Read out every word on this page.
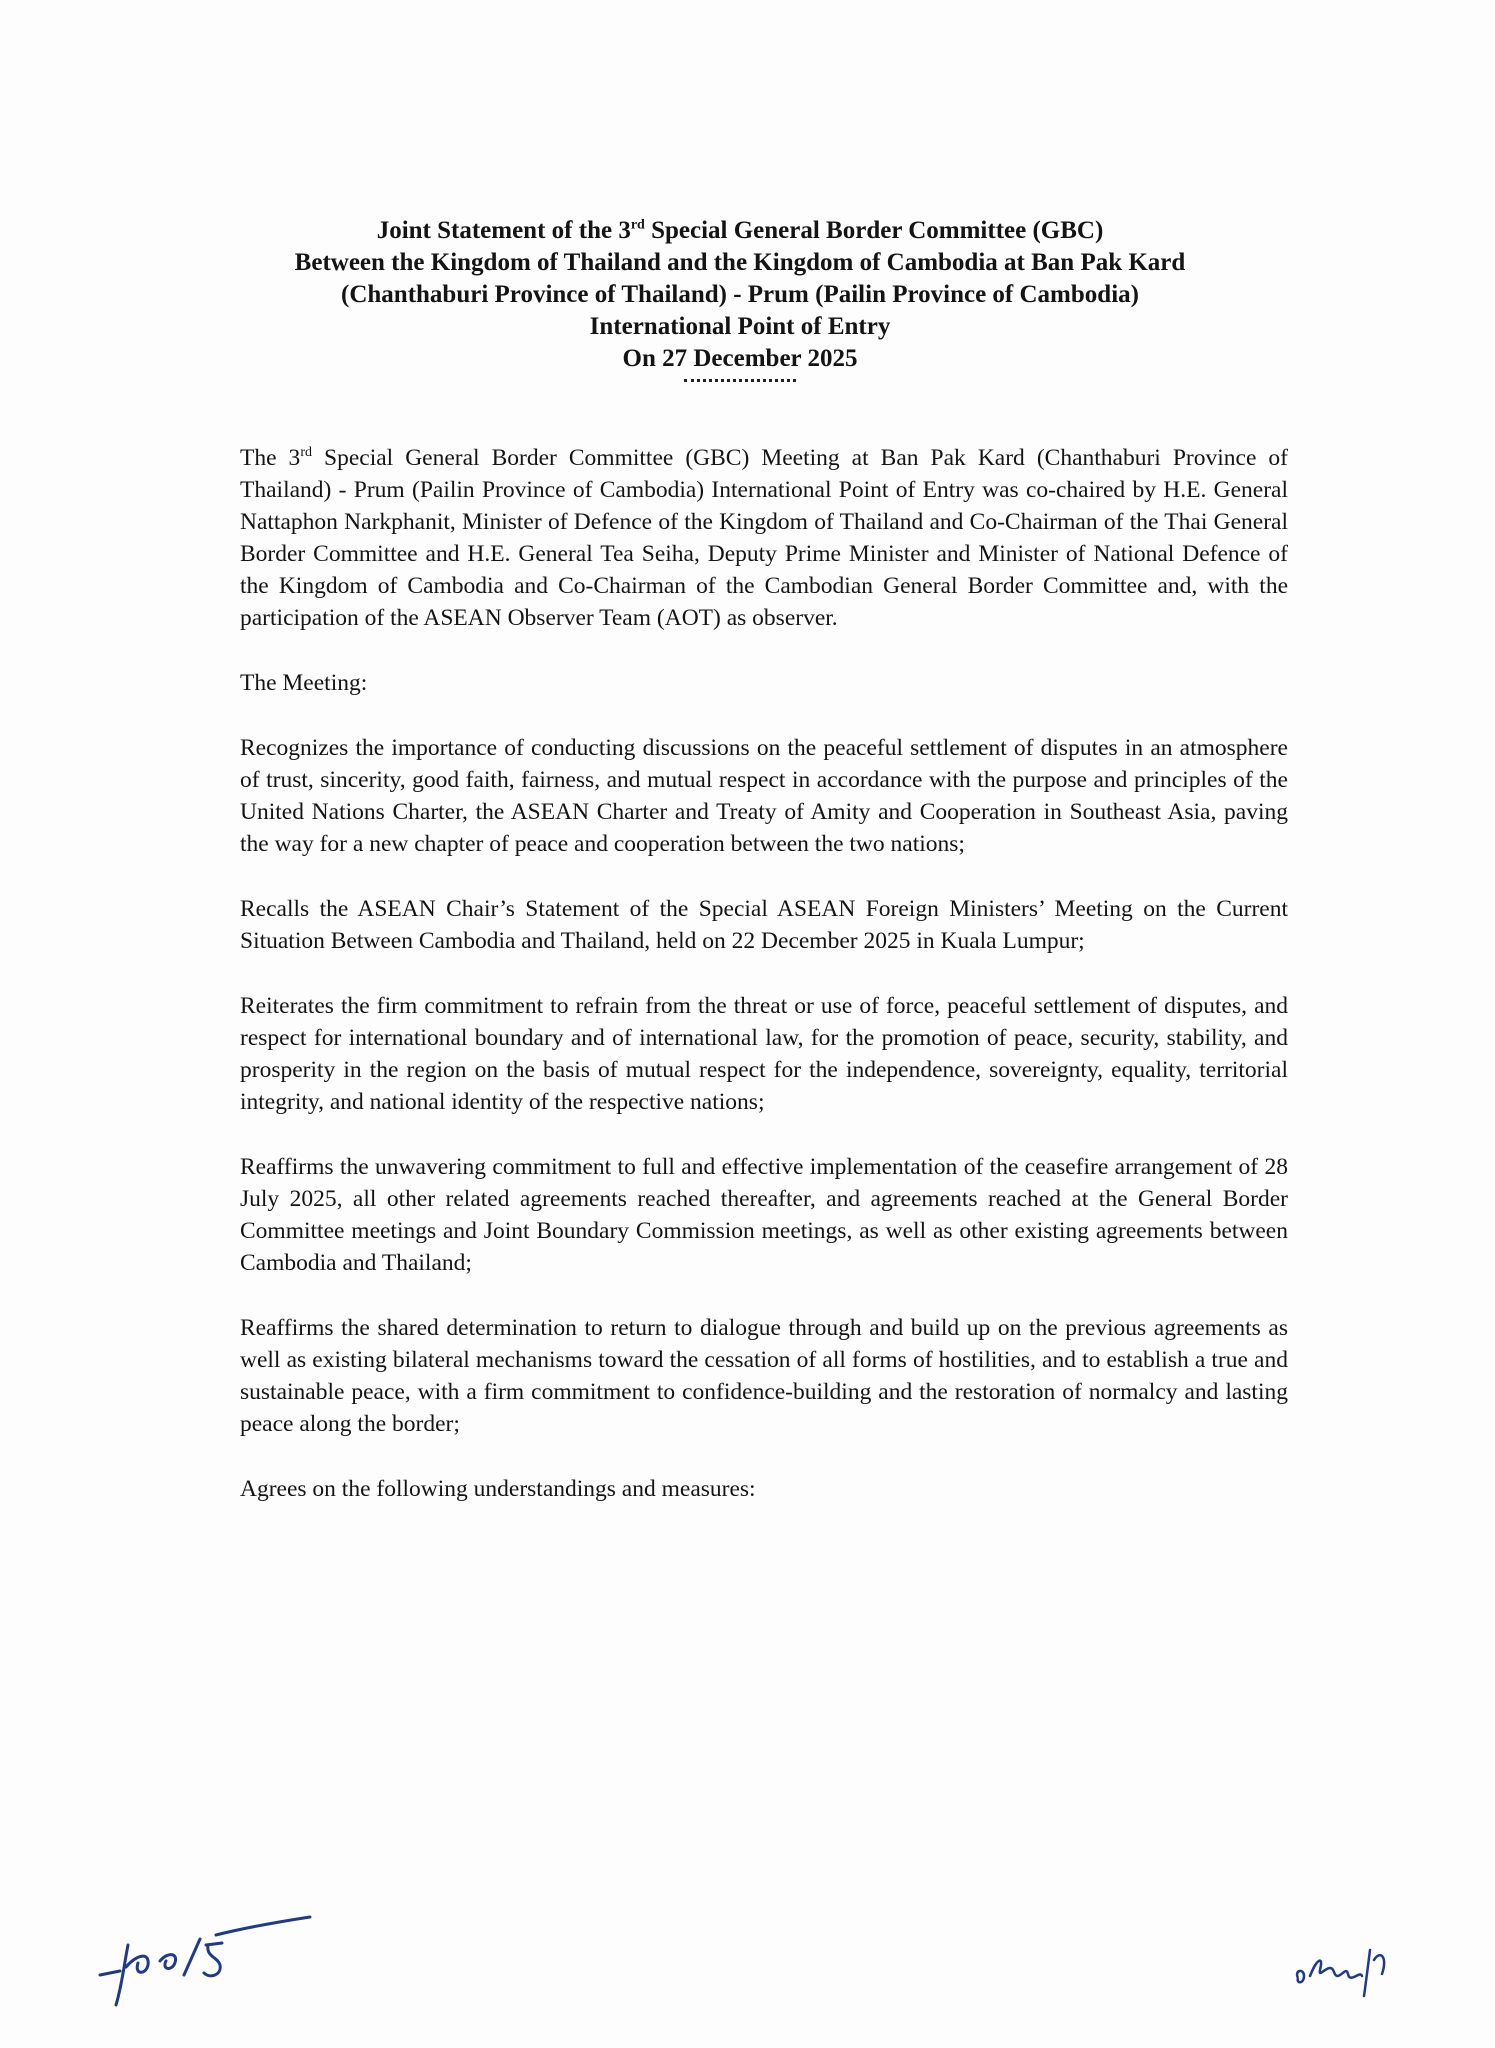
Joint Statement of the 3rd Special General Border Committee (GBC)
Between the Kingdom of Thailand and the Kingdom of Cambodia at Ban Pak Kard
(Chanthaburi Province of Thailand) - Prum (Pailin Province of Cambodia)
International Point of Entry
On 27 December 2025

The 3rd Special General Border Committee (GBC) Meeting at Ban Pak Kard (Chanthaburi Province of Thailand) - Prum (Pailin Province of Cambodia) International Point of Entry was co-chaired by H.E. General Nattaphon Narkphanit, Minister of Defence of the Kingdom of Thailand and Co-Chairman of the Thai General Border Committee and H.E. General Tea Seiha, Deputy Prime Minister and Minister of National Defence of the Kingdom of Cambodia and Co-Chairman of the Cambodian General Border Committee and, with the participation of the ASEAN Observer Team (AOT) as observer.

The Meeting:

Recognizes the importance of conducting discussions on the peaceful settlement of disputes in an atmosphere of trust, sincerity, good faith, fairness, and mutual respect in accordance with the purpose and principles of the United Nations Charter, the ASEAN Charter and Treaty of Amity and Cooperation in Southeast Asia, paving the way for a new chapter of peace and cooperation between the two nations;

Recalls the ASEAN Chair’s Statement of the Special ASEAN Foreign Ministers’ Meeting on the Current Situation Between Cambodia and Thailand, held on 22 December 2025 in Kuala Lumpur;

Reiterates the firm commitment to refrain from the threat or use of force, peaceful settlement of disputes, and respect for international boundary and of international law, for the promotion of peace, security, stability, and prosperity in the region on the basis of mutual respect for the independence, sovereignty, equality, territorial integrity, and national identity of the respective nations;

Reaffirms the unwavering commitment to full and effective implementation of the ceasefire arrangement of 28 July 2025, all other related agreements reached thereafter, and agreements reached at the General Border Committee meetings and Joint Boundary Commission meetings, as well as other existing agreements between Cambodia and Thailand;

Reaffirms the shared determination to return to dialogue through and build up on the previous agreements as well as existing bilateral mechanisms toward the cessation of all forms of hostilities, and to establish a true and sustainable peace, with a firm commitment to confidence-building and the restoration of normalcy and lasting peace along the border;

Agrees on the following understandings and measures:
